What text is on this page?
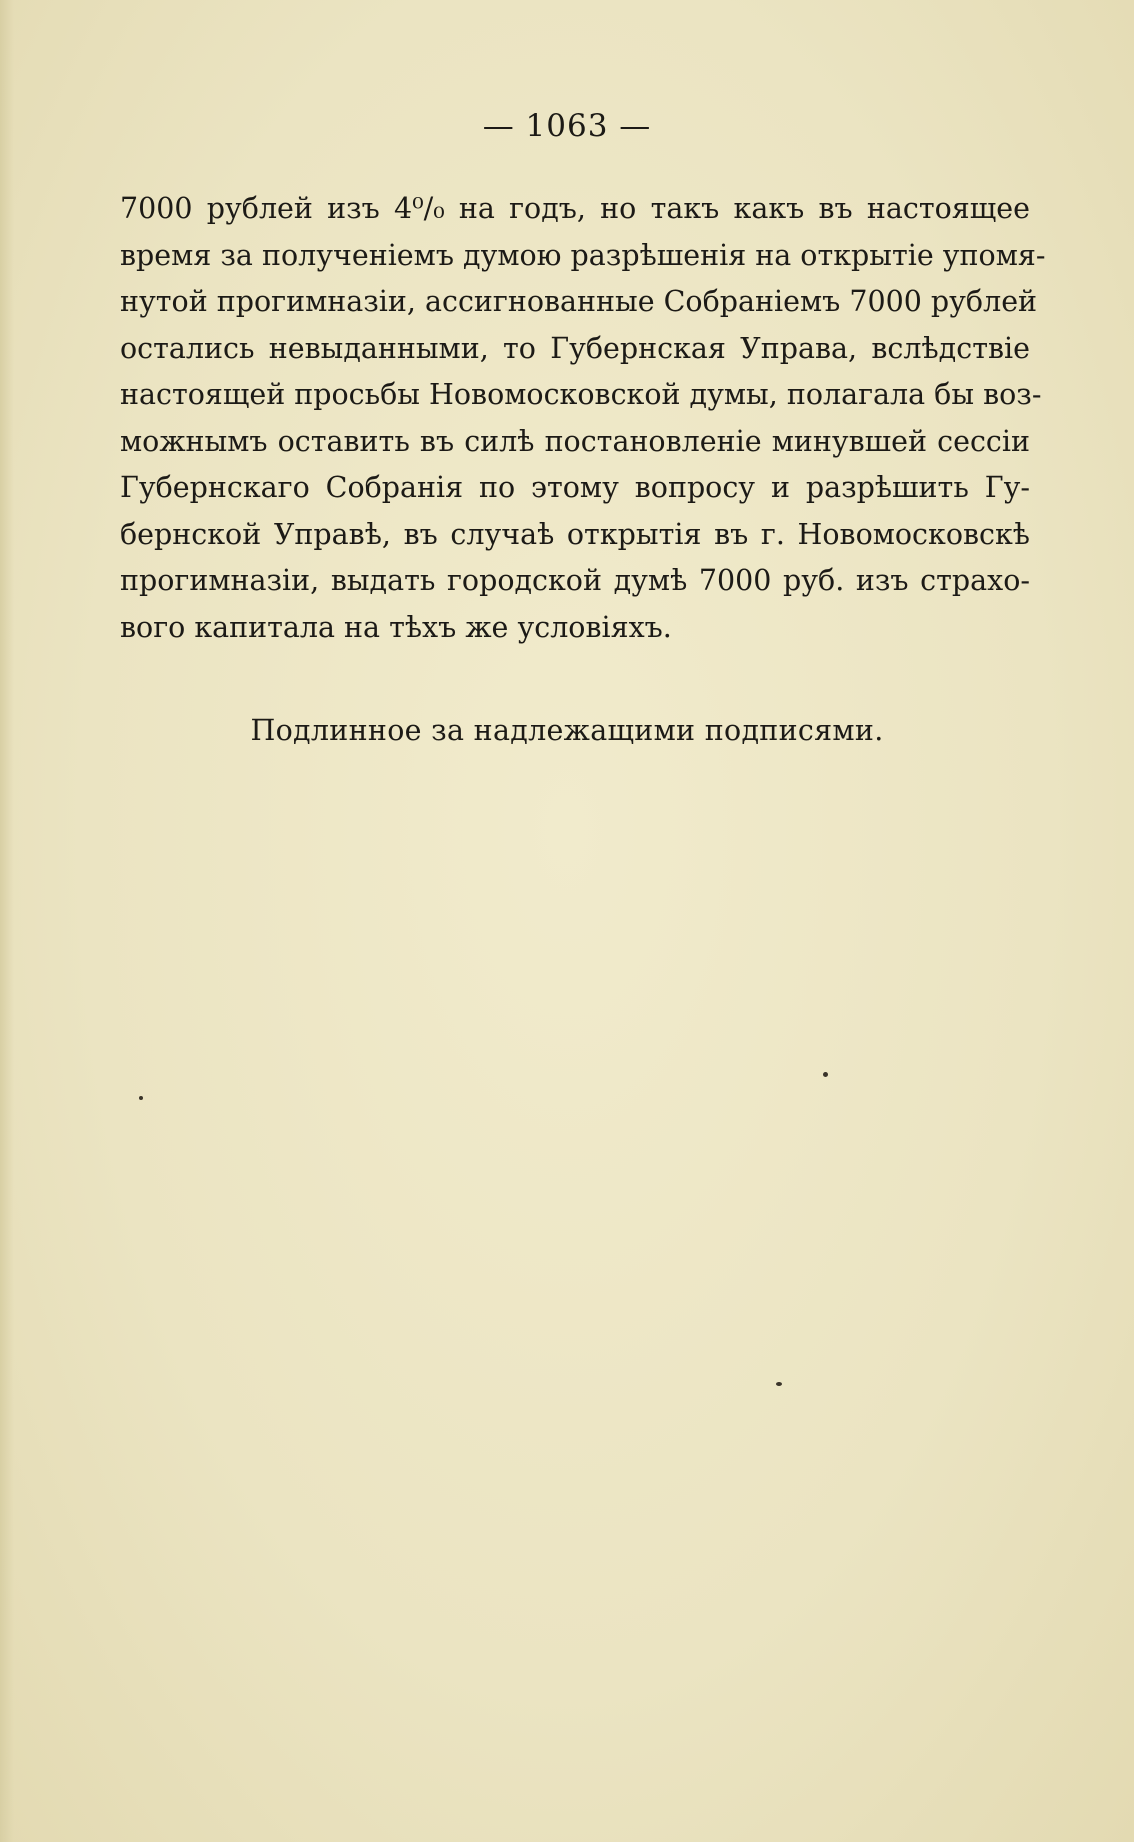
— 1063 —
7000 рублей изъ 4⁰/₀ на годъ, но такъ какъ въ настоящее
время за полученіемъ думою разрѣшенія на открытіе упомя-
нутой прогимназіи, ассигнованные Собраніемъ 7000 рублей
остались невыданными, то Губернская Управа, вслѣдствіе
настоящей просьбы Новомосковской думы, полагала бы воз-
можнымъ оставить въ силѣ постановленіе минувшей сессіи
Губернскаго Собранія по этому вопросу и разрѣшить Гу-
бернской Управѣ, въ случаѣ открытія въ г. Новомосковскѣ
прогимназіи, выдать городской думѣ 7000 руб. изъ страхо-
вого капитала на тѣхъ же условіяхъ.
Подлинное за надлежащими подписями.
